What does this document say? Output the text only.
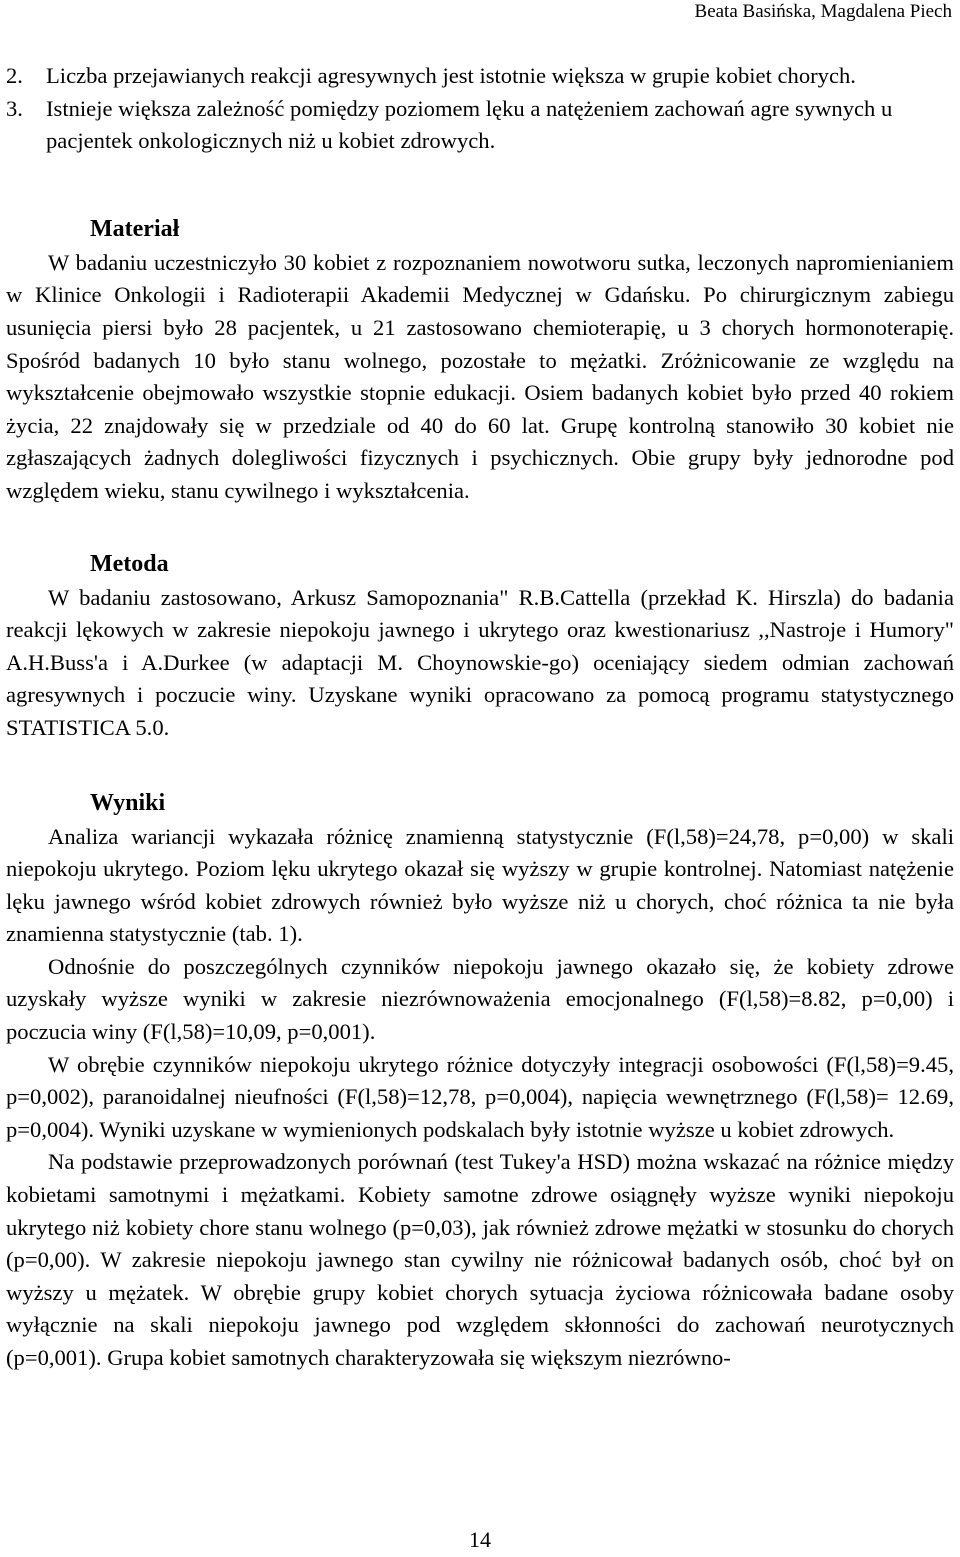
Beata Basińska, Magdalena Piech
2. Liczba przejawianych reakcji agresywnych jest istotnie większa w grupie kobiet chorych.
3. Istnieje większa zależność pomiędzy poziomem lęku a natężeniem zachowań agre sywnych u pacjentek onkologicznych niż u kobiet zdrowych.
Materiał

W badaniu uczestniczyło 30 kobiet z rozpoznaniem nowotworu sutka, leczonych napromienianiem w Klinice Onkologii i Radioterapii Akademii Medycznej w Gdańsku. Po chirurgicznym zabiegu usunięcia piersi było 28 pacjentek, u 21 zastosowano chemioterapię, u 3 chorych hormonoterapię. Spośród badanych 10 było stanu wolnego, pozostałe to mężatki. Zróżnicowanie ze względu na wykształcenie obejmowało wszystkie stopnie edukacji. Osiem badanych kobiet było przed 40 rokiem życia, 22 znajdowały się w przedziale od 40 do 60 lat. Grupę kontrolną stanowiło 30 kobiet nie zgłaszających żadnych dolegliwości fizycznych i psychicznych. Obie grupy były jednorodne pod względem wieku, stanu cywilnego i wykształcenia.

Metoda

W badaniu zastosowano, Arkusz Samopoznania" R.B.Cattella (przekład K. Hirszla) do badania reakcji lękowych w zakresie niepokoju jawnego i ukrytego oraz kwestionariusz ,,Nastroje i Humory" A.H.Buss'a i A.Durkee (w adaptacji M. Choynowskie-go) oceniający siedem odmian zachowań agresywnych i poczucie winy. Uzyskane wyniki opracowano za pomocą programu statystycznego STATISTICA 5.0.

Wyniki

Analiza wariancji wykazała różnicę znamienną statystycznie (F(l,58)=24,78, p=0,00) w skali niepokoju ukrytego. Poziom lęku ukrytego okazał się wyższy w grupie kontrolnej. Natomiast natężenie lęku jawnego wśród kobiet zdrowych również było wyższe niż u chorych, choć różnica ta nie była znamienna statystycznie (tab. 1).

Odnośnie do poszczególnych czynników niepokoju jawnego okazało się, że kobiety zdrowe uzyskały wyższe wyniki w zakresie niezrównoważenia emocjonalnego (F(l,58)=8.82, p=0,00) i poczucia winy (F(l,58)=10,09, p=0,001).

W obrębie czynników niepokoju ukrytego różnice dotyczyły integracji osobowości (F(l,58)=9.45, p=0,002), paranoidalnej nieufności (F(l,58)=12,78, p=0,004), napięcia wewnętrznego (F(l,58)= 12.69, p=0,004). Wyniki uzyskane w wymienionych podskalach były istotnie wyższe u kobiet zdrowych.

Na podstawie przeprowadzonych porównań (test Tukey'a HSD) można wskazać na różnice między kobietami samotnymi i mężatkami. Kobiety samotne zdrowe osiągnęły wyższe wyniki niepokoju ukrytego niż kobiety chore stanu wolnego (p=0,03), jak również zdrowe mężatki w stosunku do chorych (p=0,00). W zakresie niepokoju jawnego stan cywilny nie różnicował badanych osób, choć był on wyższy u mężatek. W obrębie grupy kobiet chorych sytuacja życiowa różnicowała badane osoby wyłącznie na skali niepokoju jawnego pod względem skłonności do zachowań neurotycznych (p=0,001). Grupa kobiet samotnych charakteryzowała się większym niezrówno-

14
